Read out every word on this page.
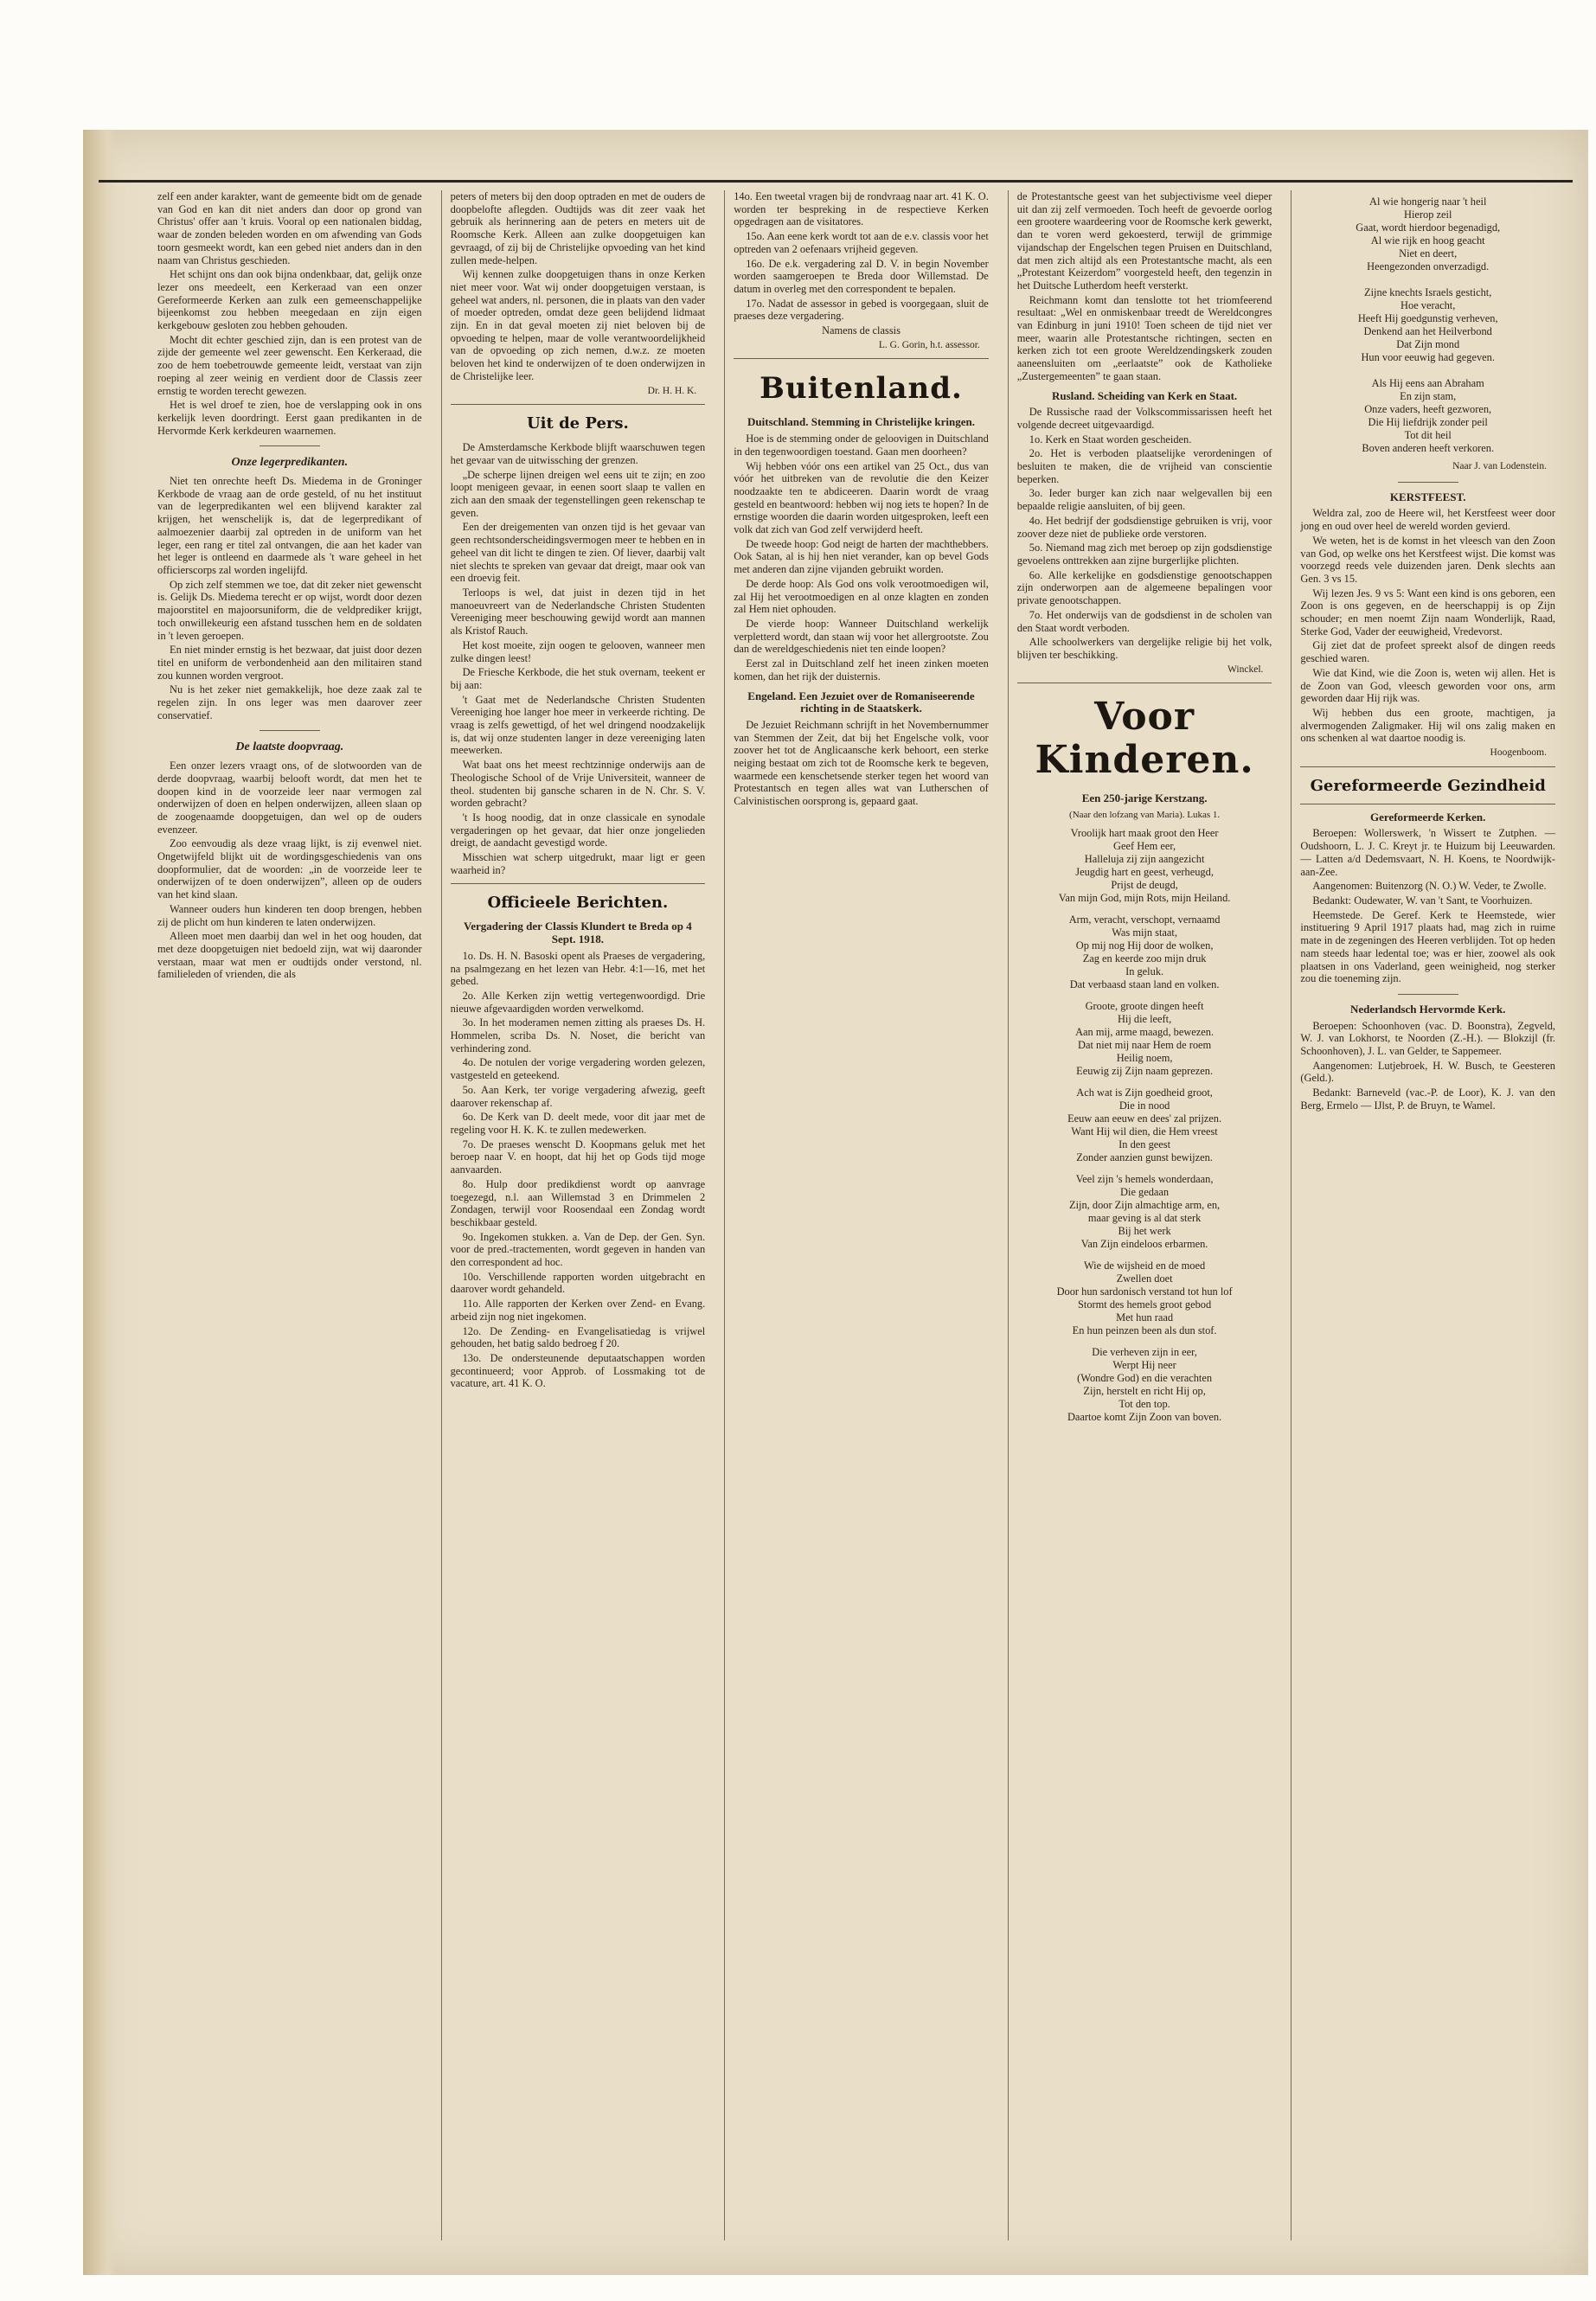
zelf een ander karakter, want de gemeente bidt om de genade van God en kan dit niet anders dan door op grond van Christus' offer aan 't kruis. Vooral op een nationalen biddag, waar de zonden beleden worden en om afwending van Gods toorn gesmeekt wordt, kan een gebed niet anders dan in den naam van Christus geschieden.

Het schijnt ons dan ook bijna ondenkbaar, dat, gelijk onze lezer ons meedeelt, een Kerkeraad van een onzer Gereformeerde Kerken aan zulk een gemeenschappelijke bijeenkomst zou hebben meegedaan en zijn eigen kerkgebouw gesloten zou hebben gehouden.

Mocht dit echter geschied zijn, dan is een protest van de zijde der gemeente wel zeer gewenscht. Een Kerkeraad, die zoo de hem toebetrouwde gemeente leidt, verstaat van zijn roeping al zeer weinig en verdient door de Classis zeer ernstig te worden terecht gewezen.

Het is wel droef te zien, hoe de verslapping ook in ons kerkelijk leven doordringt. Eerst gaan predikanten in de Hervormde Kerk kerkdeuren waarnemen.

Onze legerpredikanten.

Niet ten onrechte heeft Ds. Miedema in de Groninger Kerkbode de vraag aan de orde gesteld, of nu het instituut van de legerpredikanten wel een blijvend karakter zal krijgen, het wenschelijk is, dat de legerpredikant of aalmoezenier daarbij zal optreden in de uniform van het leger, een rang er titel zal ontvangen, die aan het kader van het leger is ontleend en daarmede als 't ware geheel in het officierscorps zal worden ingelijfd.

Op zich zelf stemmen we toe, dat dit zeker niet gewenscht is. Gelijk Ds. Miedema terecht er op wijst, wordt door dezen majoorstitel en majoorsuniform, die de veldprediker krijgt, toch onwillekeurig een afstand tusschen hem en de soldaten in 't leven geroepen.

En niet minder ernstig is het bezwaar, dat juist door dezen titel en uniform de verbondenheid aan den militairen stand zou kunnen worden vergroot.

Nu is het zeker niet gemakkelijk, hoe deze zaak zal te regelen zijn. In ons leger was men daarover zeer conservatief.

De laatste doopvraag.

Een onzer lezers vraagt ons, of de slotwoorden van de derde doopvraag, waarbij belooft wordt, dat men het te doopen kind in de voorzeide leer naar vermogen zal onderwijzen of doen en helpen onderwijzen, alleen slaan op de zoogenaamde doopgetuigen, dan wel op de ouders evenzeer.

Zoo eenvoudig als deze vraag lijkt, is zij evenwel niet. Ongetwijfeld blijkt uit de wordingsgeschiedenis van ons doopformulier, dat de woorden: „in de voorzeide leer te onderwijzen of te doen onderwijzen”, alleen op de ouders van het kind slaan.

Wanneer ouders hun kinderen ten doop brengen, hebben zij de plicht om hun kinderen te laten onderwijzen.

Alleen moet men daarbij dan wel in het oog houden, dat met deze doopgetuigen niet bedoeld zijn, wat wij daaronder verstaan, maar wat men er oudtijds onder verstond, nl. familieleden of vrienden, die als

peters of meters bij den doop optraden en met de ouders de doopbelofte aflegden. Oudtijds was dit zeer vaak het gebruik als herinnering aan de peters en meters uit de Roomsche Kerk. Alleen aan zulke doopgetuigen kan gevraagd, of zij bij de Christelijke opvoeding van het kind zullen mede-helpen.

Wij kennen zulke doopgetuigen thans in onze Kerken niet meer voor. Wat wij onder doopgetuigen verstaan, is geheel wat anders, nl. personen, die in plaats van den vader of moeder optreden, omdat deze geen belijdend lidmaat zijn. En in dat geval moeten zij niet beloven bij de opvoeding te helpen, maar de volle verantwoordelijkheid van de opvoeding op zich nemen, d.w.z. ze moeten beloven het kind te onderwijzen of te doen onderwijzen in de Christelijke leer.

Dr. H. H. K.
Uit de Pers.

De Amsterdamsche Kerkbode blijft waarschuwen tegen het gevaar van de uitwissching der grenzen.

„De scherpe lijnen dreigen wel eens uit te zijn; en zoo loopt menigeen gevaar, in eenen soort slaap te vallen en zich aan den smaak der tegenstellingen geen rekenschap te geven.

Een der dreigementen van onzen tijd is het gevaar van geen rechtsonderscheidingsvermogen meer te hebben en in geheel van dit licht te dingen te zien. Of liever, daarbij valt niet slechts te spreken van gevaar dat dreigt, maar ook van een droevig feit.

Terloops is wel, dat juist in dezen tijd in het manoeuvreert van de Nederlandsche Christen Studenten Vereeniging meer beschouwing gewijd wordt aan mannen als Kristof Rauch.

Het kost moeite, zijn oogen te gelooven, wanneer men zulke dingen leest!

De Friesche Kerkbode, die het stuk overnam, teekent er bij aan:

't Gaat met de Nederlandsche Christen Studenten Vereeniging hoe langer hoe meer in verkeerde richting. De vraag is zelfs gewettigd, of het wel dringend noodzakelijk is, dat wij onze studenten langer in deze vereeniging laten meewerken.

Wat baat ons het meest rechtzinnige onderwijs aan de Theologische School of de Vrije Universiteit, wanneer de theol. studenten bij gansche scharen in de N. Chr. S. V. worden gebracht?

't Is hoog noodig, dat in onze classicale en synodale vergaderingen op het gevaar, dat hier onze jongelieden dreigt, de aandacht gevestigd worde.

Misschien wat scherp uitgedrukt, maar ligt er geen waarheid in?

Officieele Berichten.
Vergadering der Classis Klundert te Breda op 4 Sept. 1918.

1o. Ds. H. N. Basoski opent als Praeses de vergadering, na psalmgezang en het lezen van Hebr. 4:1—16, met het gebed.

2o. Alle Kerken zijn wettig vertegenwoordigd. Drie nieuwe afgevaardigden worden verwelkomd.

3o. In het moderamen nemen zitting als praeses Ds. H. Hommelen, scriba Ds. N. Noset, die bericht van verhindering zond.

4o. De notulen der vorige vergadering worden gelezen, vastgesteld en geteekend.

5o. Aan Kerk, ter vorige vergadering afwezig, geeft daarover rekenschap af.

6o. De Kerk van D. deelt mede, voor dit jaar met de regeling voor H. K. K. te zullen medewerken.

7o. De praeses wenscht D. Koopmans geluk met het beroep naar V. en hoopt, dat hij het op Gods tijd moge aanvaarden.

8o. Hulp door predikdienst wordt op aanvrage toegezegd, n.l. aan Willemstad 3 en Drimmelen 2 Zondagen, terwijl voor Roosendaal een Zondag wordt beschikbaar gesteld.

9o. Ingekomen stukken. a. Van de Dep. der Gen. Syn. voor de pred.-tractementen, wordt gegeven in handen van den correspondent ad hoc.

10o. Verschillende rapporten worden uitgebracht en daarover wordt gehandeld.

11o. Alle rapporten der Kerken over Zend- en Evang. arbeid zijn nog niet ingekomen.

12o. De Zending- en Evangelisatiedag is vrijwel gehouden, het batig saldo bedroeg f 20.

13o. De ondersteunende deputaatschappen worden gecontinueerd; voor Approb. of Lossmaking tot de vacature, art. 41 K. O.

14o. Een tweetal vragen bij de rondvraag naar art. 41 K. O. worden ter bespreking in de respectieve Kerken opgedragen aan de visitatores.

15o. Aan eene kerk wordt tot aan de e.v. classis voor het optreden van 2 oefenaars vrijheid gegeven.

16o. De e.k. vergadering zal D. V. in begin November worden saamgeroepen te Breda door Willemstad. De datum in overleg met den correspondent te bepalen.

17o. Nadat de assessor in gebed is voorgegaan, sluit de praeses deze vergadering.

Namens de classis
L. G. Gorin, h.t. assessor.
Buitenland.
Duitschland. Stemming in Christelijke kringen.

Hoe is de stemming onder de geloovigen in Duitschland in den tegenwoordigen toestand. Gaan men doorheen?

Wij hebben vóór ons een artikel van 25 Oct., dus van vóór het uitbreken van de revolutie die den Keizer noodzaakte ten te abdiceeren. Daarin wordt de vraag gesteld en beantwoord: hebben wij nog iets te hopen? In de ernstige woorden die daarin worden uitgesproken, leeft een volk dat zich van God zelf verwijderd heeft.

De tweede hoop: God neigt de harten der machthebbers. Ook Satan, al is hij hen niet verander, kan op bevel Gods met anderen dan zijne vijanden gebruikt worden.

De derde hoop: Als God ons volk verootmoedigen wil, zal Hij het verootmoedigen en al onze klagten en zonden zal Hem niet ophouden.

De vierde hoop: Wanneer Duitschland werkelijk verpletterd wordt, dan staan wij voor het allergrootste. Zou dan de wereldgeschiedenis niet ten einde loopen?

Eerst zal in Duitschland zelf het ineen zinken moeten komen, dan het rijk der duisternis.

Engeland. Een Jezuiet over de Romaniseerende richting in de Staatskerk.

De Jezuiet Reichmann schrijft in het Novembernummer van Stemmen der Zeit, dat bij het Engelsche volk, voor zoover het tot de Anglicaansche kerk behoort, een sterke neiging bestaat om zich tot de Roomsche kerk te begeven, waarmede een kenschetsende sterker tegen het woord van Protestantsch en tegen alles wat van Lutherschen of Calvinistischen oorsprong is, gepaard gaat.

de Protestantsche geest van het subjectivisme veel dieper uit dan zij zelf vermoeden. Toch heeft de gevoerde oorlog een grootere waardeering voor de Roomsche kerk gewerkt, dan te voren werd gekoesterd, terwijl de grimmige vijandschap der Engelschen tegen Pruisen en Duitschland, dat men zich altijd als een Protestantsche macht, als een „Protestant Keizerdom” voorgesteld heeft, den tegenzin in het Duitsche Lutherdom heeft versterkt.

Reichmann komt dan tenslotte tot het triomfeerend resultaat: „Wel en onmiskenbaar treedt de Wereldcongres van Edinburg in juni 1910! Toen scheen de tijd niet ver meer, waarin alle Protestantsche richtingen, secten en kerken zich tot een groote Wereldzendingskerk zouden aaneensluiten om „eerlaatste” ook de Katholieke „Zustergemeenten” te gaan staan.

Rusland. Scheiding van Kerk en Staat.

De Russische raad der Volkscommissarissen heeft het volgende decreet uitgevaardigd.

1o. Kerk en Staat worden gescheiden.

2o. Het is verboden plaatselijke verordeningen of besluiten te maken, die de vrijheid van conscientie beperken.

3o. Ieder burger kan zich naar welgevallen bij een bepaalde religie aansluiten, of bij geen.

4o. Het bedrijf der godsdienstige gebruiken is vrij, voor zoover deze niet de publieke orde verstoren.

5o. Niemand mag zich met beroep op zijn godsdienstige gevoelens onttrekken aan zijne burgerlijke plichten.

6o. Alle kerkelijke en godsdienstige genootschappen zijn onderworpen aan de algemeene bepalingen voor private genootschappen.

7o. Het onderwijs van de godsdienst in de scholen van den Staat wordt verboden.

Alle schoolwerkers van dergelijke religie bij het volk, blijven ter beschikking.

Winckel.
Voor Kinderen.
Een 250-jarige Kerstzang.
(Naar den lofzang van Maria). Lukas 1.
Vroolijk hart maak groot den Heer
Geef Hem eer,
Halleluja zij zijn aangezicht
Jeugdig hart en geest, verheugd,
Prijst de deugd,
Van mijn God, mijn Rots, mijn Heiland.
Arm, veracht, verschopt, vernaamd
Was mijn staat,
Op mij nog Hij door de wolken,
Zag en keerde zoo mijn druk
In geluk.
Dat verbaasd staan land en volken.
Groote, groote dingen heeft
Hij die leeft,
Aan mij, arme maagd, bewezen.
Dat niet mij naar Hem de roem
Heilig noem,
Eeuwig zij Zijn naam geprezen.
Ach wat is Zijn goedheid groot,
Die in nood
Eeuw aan eeuw en dees' zal prijzen.
Want Hij wil dien, die Hem vreest
In den geest
Zonder aanzien gunst bewijzen.
Veel zijn 's hemels wonderdaan,
Die gedaan
Zijn, door Zijn almachtige arm, en,
maar geving is al dat sterk
Bij het werk
Van Zijn eindeloos erbarmen.
Wie de wijsheid en de moed
Zwellen doet
Door hun sardonisch verstand tot hun lof
Stormt des hemels groot gebod
Met hun raad
En hun peinzen been als dun stof.
Die verheven zijn in eer,
Werpt Hij neer
(Wondre God) en die verachten
Zijn, herstelt en richt Hij op,
Tot den top.
Daartoe komt Zijn Zoon van boven.
Al wie hongerig naar 't heil
Hierop zeil
Gaat, wordt hierdoor begenadigd,
Al wie rijk en hoog geacht
Niet en deert,
Heengezonden onverzadigd.

Zijne knechts Israels gesticht,
Hoe veracht,
Heeft Hij goedgunstig verheven,
Denkend aan het Heilverbond
Dat Zijn mond
Hun voor eeuwig had gegeven.

Als Hij eens aan Abraham
En zijn stam,
Onze vaders, heeft gezworen,
Die Hij liefdrijk zonder peil
Tot dit heil
Boven anderen heeft verkoren.
Naar J. van Lodenstein.
KERSTFEEST.

Weldra zal, zoo de Heere wil, het Kerstfeest weer door jong en oud over heel de wereld worden gevierd.

We weten, het is de komst in het vleesch van den Zoon van God, op welke ons het Kerstfeest wijst. Die komst was voorzegd reeds vele duizenden jaren. Denk slechts aan Gen. 3 vs 15.

Wij lezen Jes. 9 vs 5: Want een kind is ons geboren, een Zoon is ons gegeven, en de heerschappij is op Zijn schouder; en men noemt Zijn naam Wonderlijk, Raad, Sterke God, Vader der eeuwigheid, Vredevorst.

Gij ziet dat de profeet spreekt alsof de dingen reeds geschied waren.

Wie dat Kind, wie die Zoon is, weten wij allen. Het is de Zoon van God, vleesch geworden voor ons, arm geworden daar Hij rijk was.

Wij hebben dus een groote, machtigen, ja alvermogenden Zaligmaker. Hij wil ons zalig maken en ons schenken al wat daartoe noodig is.

Hoogenboom.
Gereformeerde Gezindheid
Gereformeerde Kerken.

Beroepen: Wollerswerk, 'n Wissert te Zutphen. — Oudshoorn, L. J. C. Kreyt jr. te Huizum bij Leeuwarden. — Latten a/d Dedemsvaart, N. H. Koens, te Noordwijk-aan-Zee.

Aangenomen: Buitenzorg (N. O.) W. Veder, te Zwolle.

Bedankt: Oudewater, W. van 't Sant, te Voorhuizen.

Heemstede. De Geref. Kerk te Heemstede, wier instituering 9 April 1917 plaats had, mag zich in ruime mate in de zegeningen des Heeren verblijden. Tot op heden nam steeds haar ledental toe; was er hier, zoowel als ook plaatsen in ons Vaderland, geen weinigheid, nog sterker zou die toeneming zijn.

Nederlandsch Hervormde Kerk.

Beroepen: Schoonhoven (vac. D. Boonstra), Zegveld, W. J. van Lokhorst, te Noorden (Z.-H.). — Blokzijl (fr. Schoonhoven), J. L. van Gelder, te Sappemeer.

Aangenomen: Lutjebroek, H. W. Busch, te Geesteren (Geld.).

Bedankt: Barneveld (vac.-P. de Loor), K. J. van den Berg, Ermelo — IJlst, P. de Bruyn, te Wamel.
